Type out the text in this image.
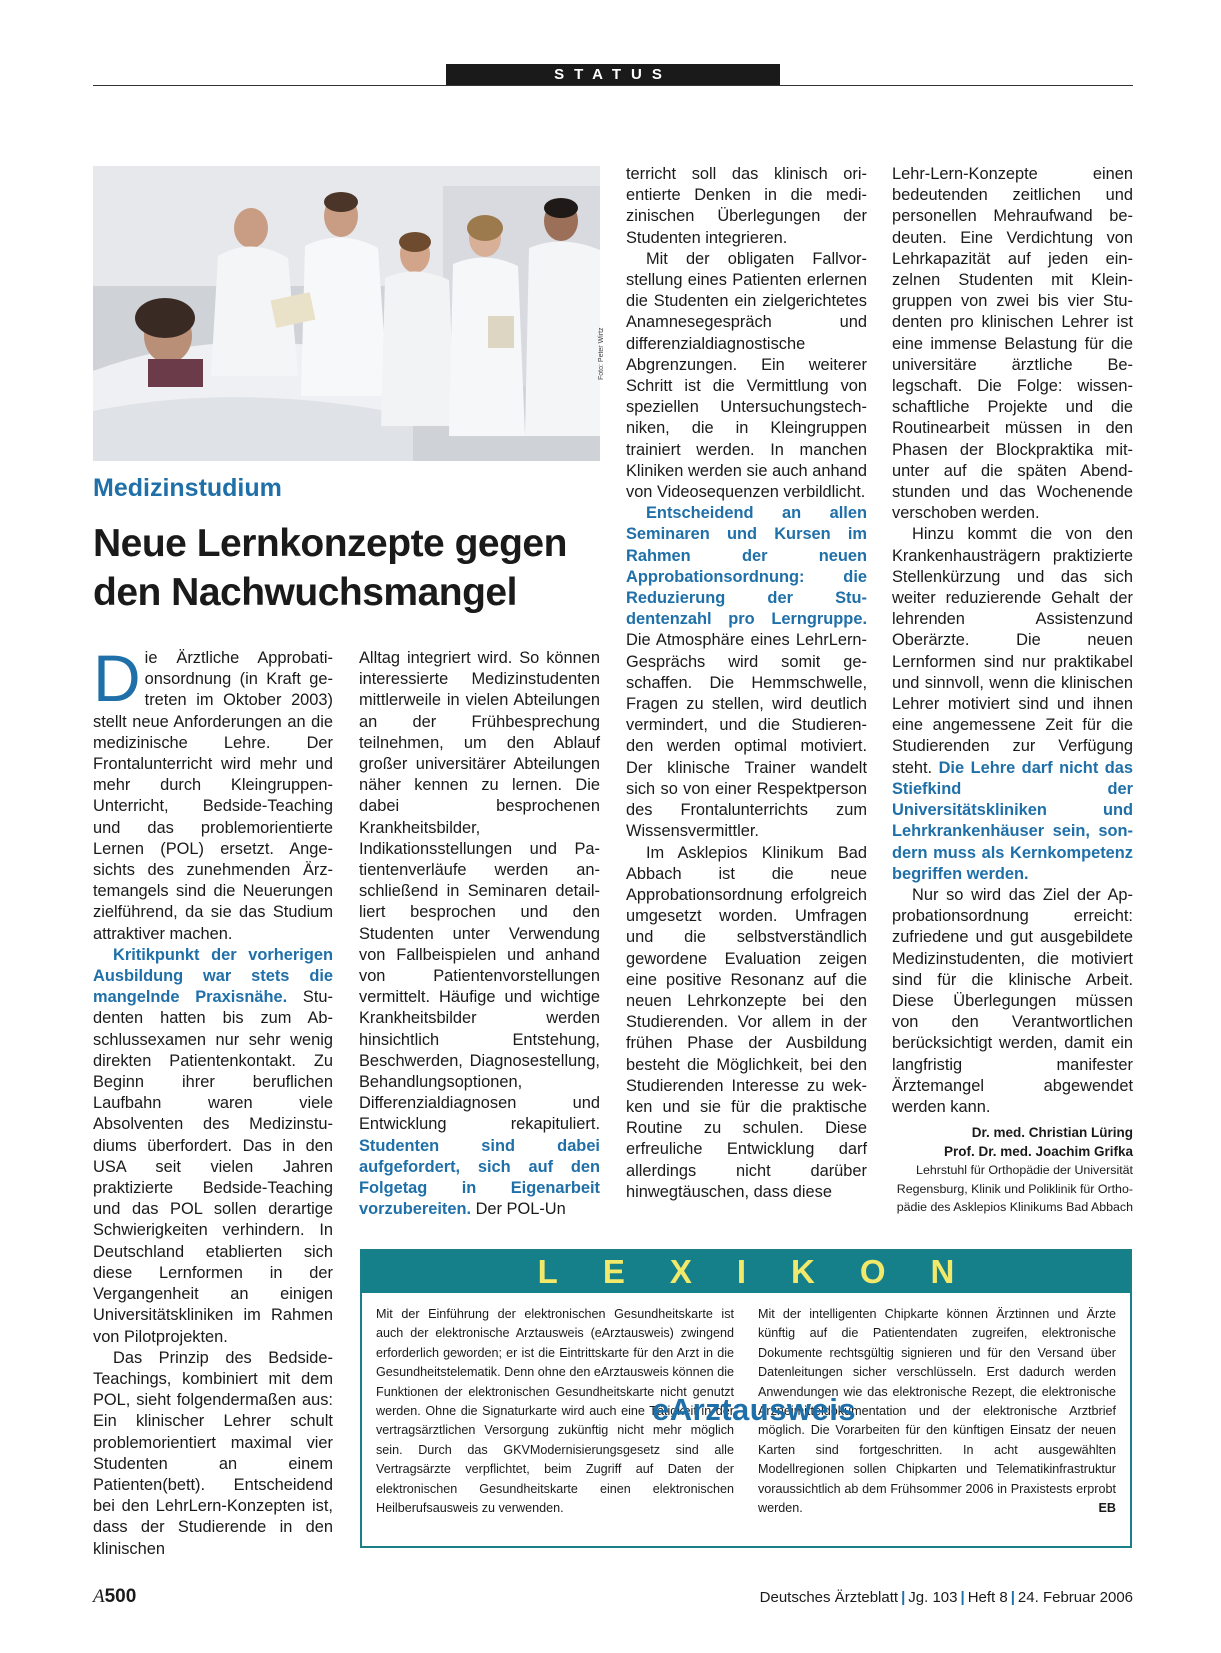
STATUS
Foto: Peter Wirtz
Medizinstudium
Neue Lernkonzepte gegen den Nachwuchsmangel

Die Ärztliche Approbationsordnung (in Kraft getreten im Oktober 2003) stellt neue Anforderungen an die medizinische Lehre. Der Frontalunterricht wird mehr und mehr durch KleingruppenUnterricht, Bedside-Teaching und das problemorientierte Lernen (POL) ersetzt. Angesichts des zunehmenden Ärztemangels sind die Neuerungen zielführend, da sie das Studium attraktiver machen.

Kritikpunkt der vorherigen Ausbildung war stets die mangelnde Praxisnähe. Studenten hatten bis zum Abschlussexamen nur sehr wenig direkten Patientenkontakt. Zu Beginn ihrer beruflichen Laufbahn waren viele Absolventen des Medizinstudiums überfordert. Das in den USA seit vielen Jahren praktizierte Bedside-Teaching und das POL sollen derartige Schwierigkeiten verhindern. In Deutschland etablierten sich diese Lernformen in der Vergangenheit an einigen Universitätskliniken im Rahmen von Pilotprojekten.

Das Prinzip des BedsideTeachings, kombiniert mit dem POL, sieht folgendermaßen aus: Ein klinischer Lehrer schult problemorientiert maximal vier Studenten an einem Patienten(bett). Entscheidend bei den LehrLern-Konzepten ist, dass der Studierende in den klinischen

Alltag integriert wird. So können interessierte Medizinstudenten mittlerweile in vielen Abteilungen an der Frühbesprechung teilnehmen, um den Ablauf großer universitärer Abteilungen näher kennen zu lernen. Die dabei besprochenen Krankheitsbilder, Indikationsstellungen und Patientenverläufe werden anschließend in Seminaren detailliert besprochen und den Studenten unter Verwendung von Fallbeispielen und anhand von Patientenvorstellungen vermittelt. Häufige und wichtige Krankheitsbilder werden hinsichtlich Entstehung, Beschwerden, Diagnosestellung, Behandlungsoptionen, Differenzialdiagnosen und Entwicklung rekapituliert. Studenten sind dabei aufgefordert, sich auf den Folgetag in Eigenarbeit vorzubereiten. Der POL-Un

terricht soll das klinisch orientierte Denken in die medizinischen Überlegungen der Studenten integrieren.

Mit der obligaten Fallvorstellung eines Patienten erlernen die Studenten ein zielgerichtetes Anamnesegespräch und differenzialdiagnostische Abgrenzungen. Ein weiterer Schritt ist die Vermittlung von speziellen Untersuchungstechniken, die in Kleingruppen trainiert werden. In manchen Kliniken werden sie auch anhand von Videosequenzen verbildlicht.

Entscheidend an allen Seminaren und Kursen im Rahmen der neuen Approbationsordnung: die Reduzierung der Studentenzahl pro Lerngruppe. Die Atmosphäre eines LehrLern-Gesprächs wird somit geschaffen. Die Hemmschwelle, Fragen zu stellen, wird deutlich vermindert, und die Studierenden werden optimal motiviert. Der klinische Trainer wandelt sich so von einer Respektperson des Frontalunterrichts zum Wissensvermittler.

Im Asklepios Klinikum Bad Abbach ist die neue Approbationsordnung erfolgreich umgesetzt worden. Umfragen und die selbstverständlich gewordene Evaluation zeigen eine positive Resonanz auf die neuen Lehrkonzepte bei den Studierenden. Vor allem in der frühen Phase der Ausbildung besteht die Möglichkeit, bei den Studierenden Interesse zu wekken und sie für die praktische Routine zu schulen. Diese erfreuliche Entwicklung darf allerdings nicht darüber hinwegtäuschen, dass diese

Lehr-Lern-Konzepte einen bedeutenden zeitlichen und personellen Mehraufwand bedeuten. Eine Verdichtung von Lehrkapazität auf jeden einzelnen Studenten mit Kleingruppen von zwei bis vier Studenten pro klinischen Lehrer ist eine immense Belastung für die universitäre ärztliche Belegschaft. Die Folge: wissenschaftliche Projekte und die Routinearbeit müssen in den Phasen der Blockpraktika mitunter auf die späten Abendstunden und das Wochenende verschoben werden.

Hinzu kommt die von den Krankenhausträgern praktizierte Stellenkürzung und das sich weiter reduzierende Gehalt der lehrenden Assistenzund Oberärzte. Die neuen Lernformen sind nur praktikabel und sinnvoll, wenn die klinischen Lehrer motiviert sind und ihnen eine angemessene Zeit für die Studierenden zur Verfügung steht. Die Lehre darf nicht das Stiefkind der Universitätskliniken und Lehrkrankenhäuser sein, sondern muss als Kernkompetenz begriffen werden.

Nur so wird das Ziel der Approbationsordnung erreicht: zufriedene und gut ausgebildete Medizinstudenten, die motiviert sind für die klinische Arbeit. Diese Überlegungen müssen von den Verantwortlichen berücksichtigt werden, damit ein langfristig manifester Ärztemangel abgewendet werden kann.

Dr. med. Christian Lüring
Prof. Dr. med. Joachim Grifka
Lehrstuhl für Orthopädie der Universität Regensburg, Klinik und Poliklinik für Orthopädie des Asklepios Klinikums Bad Abbach
LEXIKON
Mit der Einführung der elektronischen Gesundheitskarte ist auch der elektronische Arztausweis (eArztausweis) zwingend erforderlich geworden; er ist die Eintrittskarte für den Arzt in die Gesundheitstelematik. Denn ohne den eArztausweis können die Funktionen der elektronischen Gesundheitskarte nicht genutzt werden. Ohne die Signaturkarte wird auch eine Tätigkeit in der vertragsärztlichen Versorgung zukünftig nicht mehr möglich sein. Durch das GKVModernisierungsgesetz sind alle Vertragsärzte verpflichtet, beim Zugriff auf Daten der elektronischen Gesundheitskarte einen elektronischen Heilberufsausweis zu verwenden.
Mit der intelligenten Chipkarte können Ärztinnen und Ärzte künftig auf die Patientendaten zugreifen, elektronische Dokumente rechtsgültig signieren und für den Versand über Datenleitungen sicher verschlüsseln. Erst dadurch werden Anwendungen wie das elektronische Rezept, die elektronische Arzneimitteldokumentation und der elektronische Arztbrief möglich. Die Vorarbeiten für den künftigen Einsatz der neuen Karten sind fortgeschritten. In acht ausgewählten Modellregionen sollen Chipkarten und Telematikinfrastruktur voraussichtlich ab dem Frühsommer 2006 in Praxistests erprobt werden.	EB
eArztausweis
A500	Deutsches Ärzteblatt | Jg. 103 | Heft 8 | 24. Februar 2006
